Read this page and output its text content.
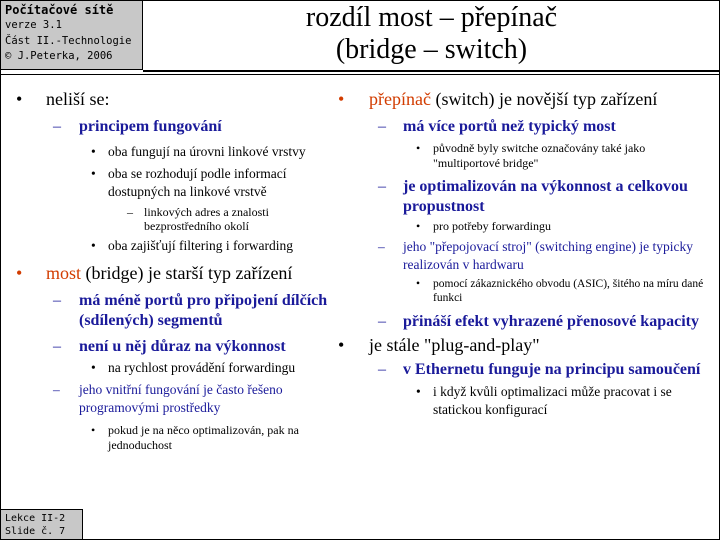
Počítačové sítě
verze 3.1
Část II.-Technologie
© J.Peterka, 2006
rozdíl most – přepínač
(bridge – switch)
• neliší se:
– principem fungování
• oba fungují na úrovni linkové vrstvy
• oba se rozhodují podle informací dostupných na linkové vrstvě
– linkových adres a znalosti bezprostředního okolí
• oba zajišťují filtering i forwarding
• most (bridge) je starší typ zařízení
– má méně portů pro připojení dílčích (sdílených) segmentů
– není u něj důraz na výkonnost
• na rychlost provádění forwardingu
– jeho vnitřní fungování je často řešeno programovými prostředky
• pokud je na něco optimalizován, pak na jednoduchost
• přepínač (switch) je novější typ zařízení
– má více portů než typický most
• původně byly switche označovány také jako "multiportové bridge"
– je optimalizován na výkonnost a celkovou propustnost
• pro potřeby forwardingu
– jeho "přepojovací stroj" (switching engine) je typicky realizován v hardwaru
• pomocí zákaznického obvodu (ASIC), šitého na míru dané funkci
– přináší efekt vyhrazené přenosové kapacity
• je stále "plug-and-play"
– v Ethernetu funguje na principu samoučení
• i když kvůli optimalizaci může pracovat i se statickou konfigurací
Lekce II-2
Slide č. 7
